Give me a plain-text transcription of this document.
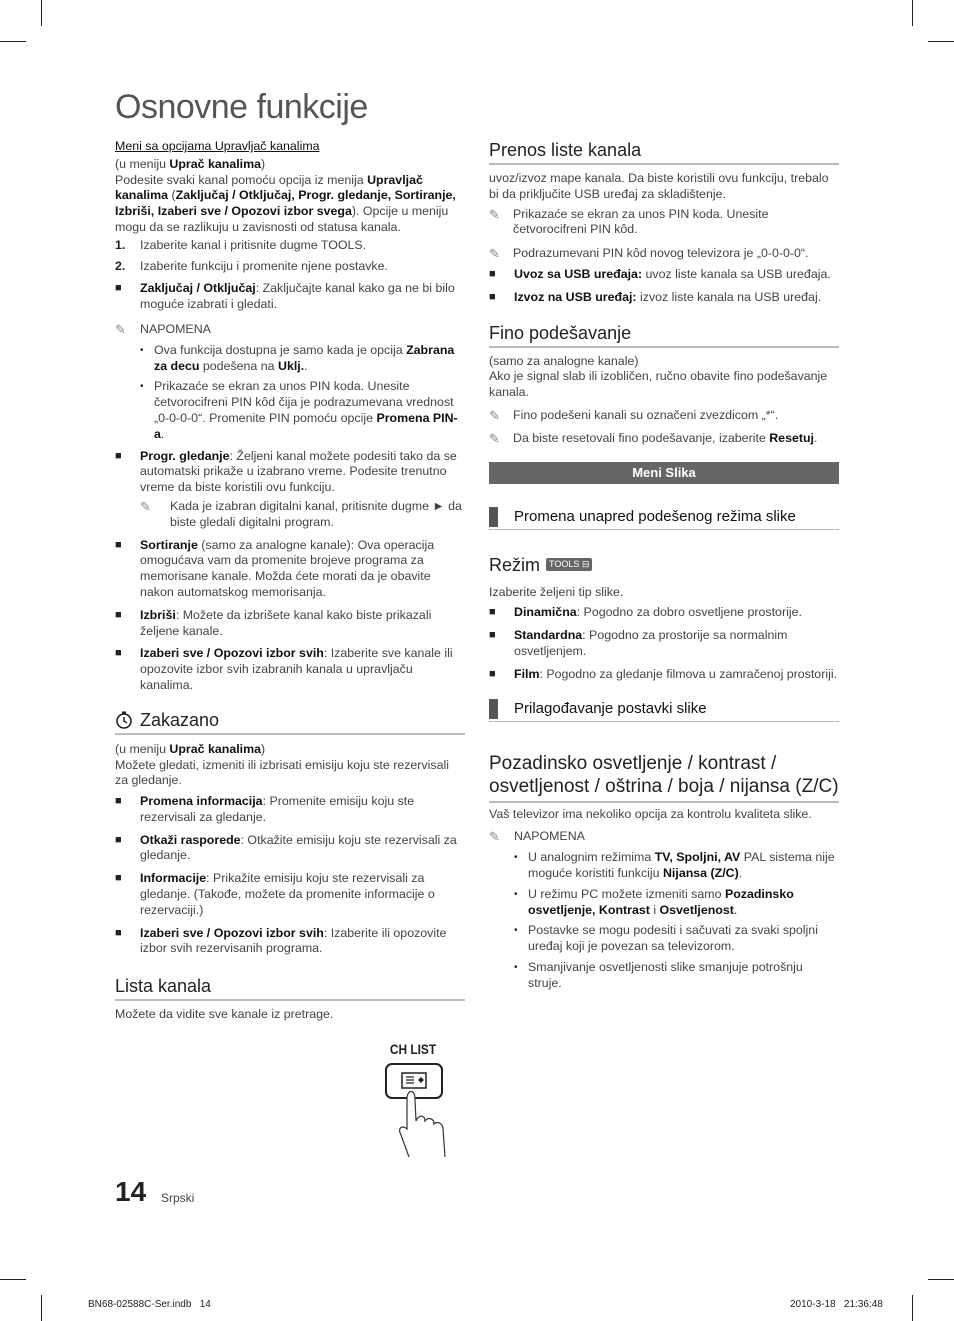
Osnovne funkcije
Meni sa opcijama Upravljač kanalima

(u meniju Uprač kanalima)

Podesite svaki kanal pomoću opcija iz menija Upravljač kanalima (Zaključaj / Otključaj, Progr. gledanje, Sortiranje, Izbriši, Izaberi sve / Opozovi izbor svega). Opcije u meniju mogu da se razlikuju u zavisnosti od statusa kanala.

1.	Izaberite kanal i pritisnite dugme TOOLS.
2.	Izaberite funkciju i promenite njene postavke.
■	Zaključaj / Otključaj: Zaključajte kanal kako ga ne bi bilo moguće izabrati i gledati.
✎	NAPOMENA
• Ova funkcija dostupna je samo kada je opcija Zabrana za decu podešena na Uklj..
• Prikazaće se ekran za unos PIN koda. Unesite četvorocifreni PIN kôd čija je podrazumevana vrednost „0-0-0-0“. Promenite PIN pomoću opcije Promena PIN-a.
■	Progr. gledanje: Željeni kanal možete podesiti tako da se automatski prikaže u izabrano vreme. Podesite trenutno vreme da biste koristili ovu funkciju.
✎	Kada je izabran digitalni kanal, pritisnite dugme ► da biste gledali digitalni program.
■	Sortiranje (samo za analogne kanale): Ova operacija omogućava vam da promenite brojeve programa za memorisane kanale. Možda ćete morati da je obavite nakon automatskog memorisanja.
■	Izbriši: Možete da izbrišete kanal kako biste prikazali željene kanale.
■	Izaberi sve / Opozovi izbor svih: Izaberite sve kanale ili opozovite izbor svih izabranih kanala u upravljaču kanalima.
Zakazano

(u meniju Uprač kanalima)

Možete gledati, izmeniti ili izbrisati emisiju koju ste rezervisali za gledanje.

■	Promena informacija: Promenite emisiju koju ste rezervisali za gledanje.
■	Otkaži rasporede: Otkažite emisiju koju ste rezervisali za gledanje.
■	Informacije: Prikažite emisiju koju ste rezervisali za gledanje. (Takođe, možete da promenite informacije o rezervaciji.)
■	Izaberi sve / Opozovi izbor svih: Izaberite ili opozovite izbor svih rezervisanih programa.
Lista kanala

Možete da vidite sve kanale iz pretrage.

CH LIST
Prenos liste kanala

uvoz/izvoz mape kanala. Da biste koristili ovu funkciju, trebalo bi da priključite USB uređaj za skladištenje.

✎	Prikazaće se ekran za unos PIN koda. Unesite četvorocifreni PIN kôd.
✎	Podrazumevani PIN kôd novog televizora je „0-0-0-0“.
■	Uvoz sa USB uređaja: uvoz liste kanala sa USB uređaja.
■	Izvoz na USB uređaj: izvoz liste kanala na USB uređaj.
Fino podešavanje

(samo za analogne kanale)

Ako je signal slab ili izobličen, ručno obavite fino podešavanje kanala.

✎	Fino podešeni kanali su označeni zvezdicom „*“.
✎	Da biste resetovali fino podešavanje, izaberite Resetuj.
Meni Slika
Promena unapred podešenog režima slike
Režim	TOOLS ⊟

Izaberite željeni tip slike.

■	Dinamična: Pogodno za dobro osvetljene prostorije.
■	Standardna: Pogodno za prostorije sa normalnim osvetljenjem.
■	Film: Pogodno za gledanje filmova u zamračenoj prostoriji.
Prilagođavanje postavki slike
Pozadinsko osvetljenje / kontrast / osvetljenost / oštrina / boja / nijansa (Z/C)

Vaš televizor ima nekoliko opcija za kontrolu kvaliteta slike.

✎	NAPOMENA
• U analognim režimima TV, Spoljni, AV PAL sistema nije moguće koristiti funkciju Nijansa (Z/C).
• U režimu PC možete izmeniti samo Pozadinsko osvetljenje, Kontrast i Osvetljenost.
• Postavke se mogu podesiti i sačuvati za svaki spoljni uređaj koji je povezan sa televizorom.
• Smanjivanje osvetljenosti slike smanjuje potrošnju struje.
14 Srpski
BN68-02588C-Ser.indb   14	2010-3-18   21:36:48
